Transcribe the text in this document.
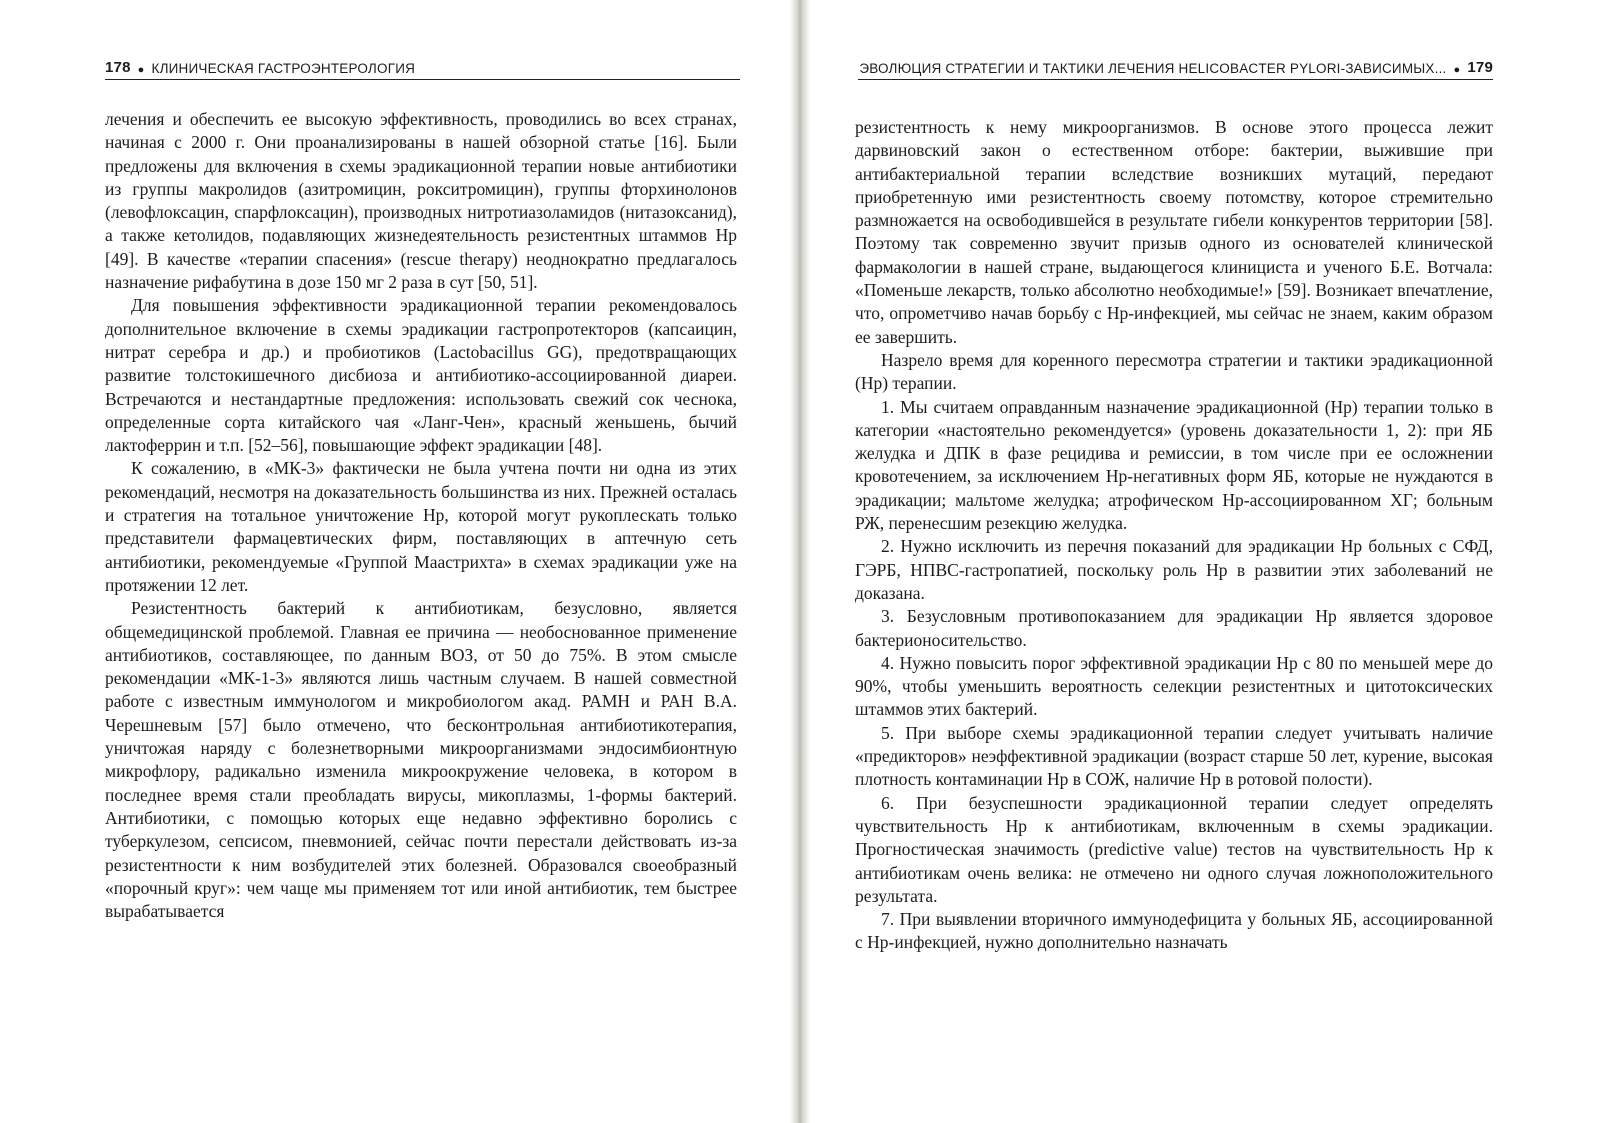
178 ● КЛИНИЧЕСКАЯ ГАСТРОЭНТЕРОЛОГИЯ

лечения и обеспечить ее высокую эффективность, проводились во всех странах, начиная с 2000 г. Они проанализированы в нашей обзорной статье [16]. Были предложены для включения в схемы эрадикационной терапии новые антибиотики из группы макролидов (азитромицин, рокситромицин), группы фторхинолонов (левофлоксацин, спарфлоксацин), производных нитротиазоламидов (нитазоксанид), а также кетолидов, подавляющих жизнедеятельность резистентных штаммов Нр [49]. В качестве «терапии спасения» (rescue therapy) неоднократно предлагалось назначение рифабутина в дозе 150 мг 2 раза в сут [50, 51].

Для повышения эффективности эрадикационной терапии рекомендовалось дополнительное включение в схемы эрадикации гастропротекторов (капсаицин, нитрат серебра и др.) и пробиотиков (Lactobacillus GG), предотвращающих развитие толстокишечного дисбиоза и антибиотико-ассоциированной диареи. Встречаются и нестандартные предложения: использовать свежий сок чеснока, определенные сорта китайского чая «Ланг-Чен», красный женьшень, бычий лактоферрин и т.п. [52–56], повышающие эффект эрадикации [48].

К сожалению, в «МК-3» фактически не была учтена почти ни одна из этих рекомендаций, несмотря на доказательность большинства из них. Прежней осталась и стратегия на тотальное уничтожение Нр, которой могут рукоплескать только представители фармацевтических фирм, поставляющих в аптечную сеть антибиотики, рекомендуемые «Группой Маастрихта» в схемах эрадикации уже на протяжении 12 лет.

Резистентность бактерий к антибиотикам, безусловно, является общемедицинской проблемой. Главная ее причина — необоснованное применение антибиотиков, составляющее, по данным ВОЗ, от 50 до 75%. В этом смысле рекомендации «МК-1-3» являются лишь частным случаем. В нашей совместной работе с известным иммунологом и микробиологом акад. РАМН и РАН В.А. Черешневым [57] было отмечено, что бесконтрольная антибиотикотерапия, уничтожая наряду с болезнетворными микроорганизмами эндосимбионтную микрофлору, радикально изменила микроокружение человека, в котором в последнее время стали преобладать вирусы, микоплазмы, 1-формы бактерий. Антибиотики, с помощью которых еще недавно эффективно боролись с туберкулезом, сепсисом, пневмонией, сейчас почти перестали действовать из-за резистентности к ним возбудителей этих болезней. Образовался своеобразный «порочный круг»: чем чаще мы применяем тот или иной антибиотик, тем быстрее вырабатывается

ЭВОЛЮЦИЯ СТРАТЕГИИ И ТАКТИКИ ЛЕЧЕНИЯ HELICOBACTER PYLORI-ЗАВИСИМЫХ... ● 179

резистентность к нему микроорганизмов. В основе этого процесса лежит дарвиновский закон о естественном отборе: бактерии, выжившие при антибактериальной терапии вследствие возникших мутаций, передают приобретенную ими резистентность своему потомству, которое стремительно размножается на освободившейся в результате гибели конкурентов территории [58]. Поэтому так современно звучит призыв одного из основателей клинической фармакологии в нашей стране, выдающегося клинициста и ученого Б.Е. Вотчала: «Поменьше лекарств, только абсолютно необходимые!» [59]. Возникает впечатление, что, опрометчиво начав борьбу с Нр-инфекцией, мы сейчас не знаем, каким образом ее завершить.

Назрело время для коренного пересмотра стратегии и тактики эрадикационной (Нр) терапии.

1. Мы считаем оправданным назначение эрадикационной (Нр) терапии только в категории «настоятельно рекомендуется» (уровень доказательности 1, 2): при ЯБ желудка и ДПК в фазе рецидива и ремиссии, в том числе при ее осложнении кровотечением, за исключением Нр-негативных форм ЯБ, которые не нуждаются в эрадикации; мальтоме желудка; атрофическом Нр-ассоциированном ХГ; больным РЖ, перенесшим резекцию желудка.

2. Нужно исключить из перечня показаний для эрадикации Нр больных с СФД, ГЭРБ, НПВС-гастропатией, поскольку роль Нр в развитии этих заболеваний не доказана.

3. Безусловным противопоказанием для эрадикации Нр является здоровое бактерионосительство.

4. Нужно повысить порог эффективной эрадикации Нр с 80 по меньшей мере до 90%, чтобы уменьшить вероятность селекции резистентных и цитотоксических штаммов этих бактерий.

5. При выборе схемы эрадикационной терапии следует учитывать наличие «предикторов» неэффективной эрадикации (возраст старше 50 лет, курение, высокая плотность контаминации Нр в СОЖ, наличие Нр в ротовой полости).

6. При безуспешности эрадикационной терапии следует определять чувствительность Нр к антибиотикам, включенным в схемы эрадикации. Прогностическая значимость (predictive value) тестов на чувствительность Нр к антибиотикам очень велика: не отмечено ни одного случая ложноположительного результата.

7. При выявлении вторичного иммунодефицита у больных ЯБ, ассоциированной с Нр-инфекцией, нужно дополнительно назначать
